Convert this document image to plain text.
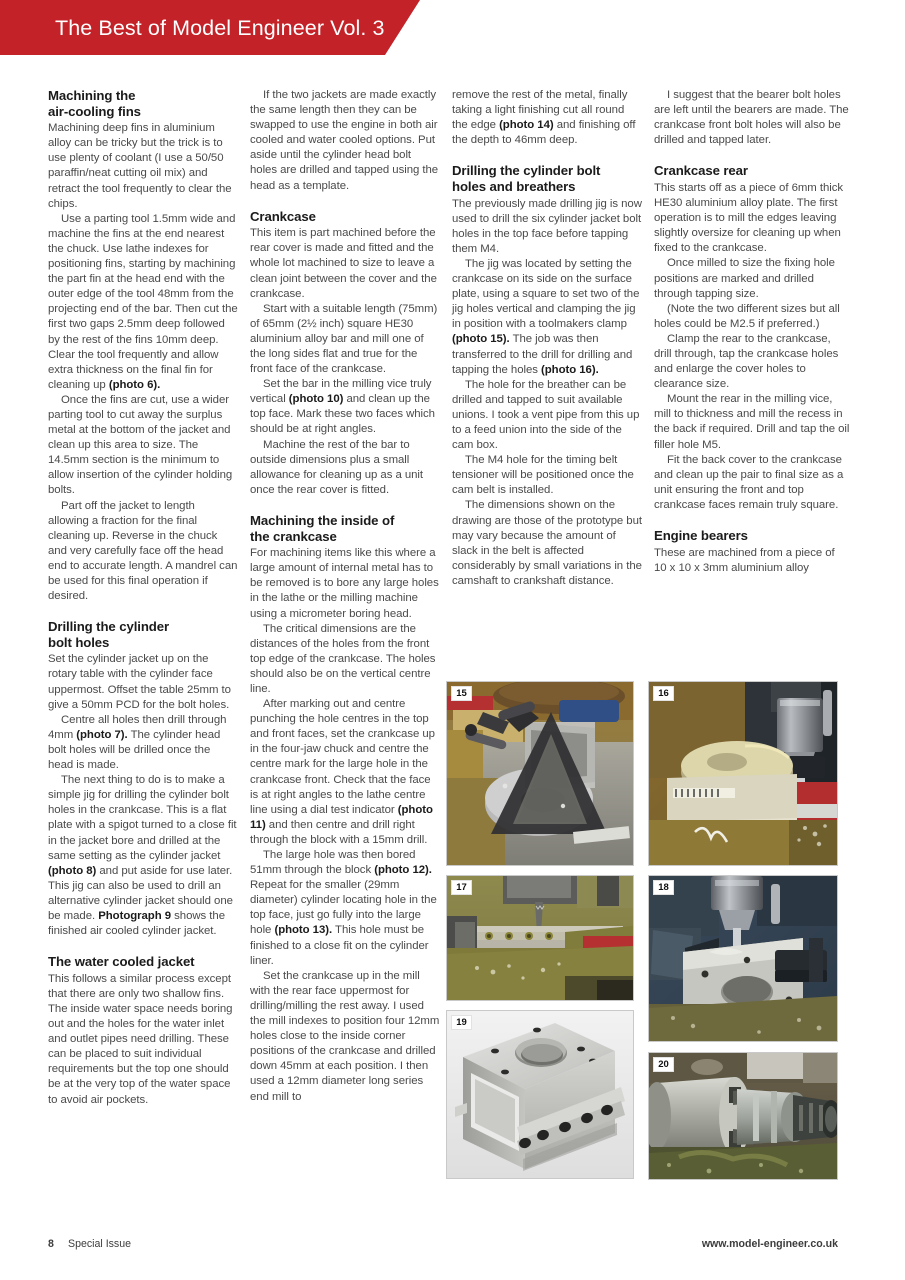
The Best of Model Engineer Vol. 3
Machining the
air-cooling fins

Machining deep fins in aluminium alloy can be tricky but the trick is to use plenty of coolant (I use a 50/50 paraffin/neat cutting oil mix) and retract the tool frequently to clear the chips.

Use a parting tool 1.5mm wide and machine the fins at the end nearest the chuck. Use lathe indexes for positioning fins, starting by machining the part fin at the head end with the outer edge of the tool 48mm from the projecting end of the bar. Then cut the first two gaps 2.5mm deep followed by the rest of the fins 10mm deep. Clear the tool frequently and allow extra thickness on the final fin for cleaning up (photo 6).

Once the fins are cut, use a wider parting tool to cut away the surplus metal at the bottom of the jacket and clean up this area to size. The 14.5mm section is the minimum to allow insertion of the cylinder holding bolts.

Part off the jacket to length allowing a fraction for the final cleaning up. Reverse in the chuck and very carefully face off the head end to accurate length. A mandrel can be used for this final operation if desired.

Drilling the cylinder
bolt holes

Set the cylinder jacket up on the rotary table with the cylinder face uppermost. Offset the table 25mm to give a 50mm PCD for the bolt holes.

Centre all holes then drill through 4mm (photo 7). The cylinder head bolt holes will be drilled once the head is made.

The next thing to do is to make a simple jig for drilling the cylinder bolt holes in the crankcase. This is a flat plate with a spigot turned to a close fit in the jacket bore and drilled at the same setting as the cylinder jacket (photo 8) and put aside for use later. This jig can also be used to drill an alternative cylinder jacket should one be made. Photograph 9 shows the finished air cooled cylinder jacket.

The water cooled jacket

This follows a similar process except that there are only two shallow fins. The inside water space needs boring out and the holes for the water inlet and outlet pipes need drilling. These can be placed to suit individual requirements but the top one should be at the very top of the water space to avoid air pockets.

If the two jackets are made exactly the same length then they can be swapped to use the engine in both air cooled and water cooled options. Put aside until the cylinder head bolt holes are drilled and tapped using the head as a template.

Crankcase

This item is part machined before the rear cover is made and fitted and the whole lot machined to size to leave a clean joint between the cover and the crankcase.

Start with a suitable length (75mm) of 65mm (2½ inch) square HE30 aluminium alloy bar and mill one of the long sides flat and true for the front face of the crankcase.

Set the bar in the milling vice truly vertical (photo 10) and clean up the top face. Mark these two faces which should be at right angles.

Machine the rest of the bar to outside dimensions plus a small allowance for cleaning up as a unit once the rear cover is fitted.

Machining the inside of
the crankcase

For machining items like this where a large amount of internal metal has to be removed is to bore any large holes in the lathe or the milling machine using a micrometer boring head.

The critical dimensions are the distances of the holes from the front top edge of the crankcase. The holes should also be on the vertical centre line.

After marking out and centre punching the hole centres in the top and front faces, set the crankcase up in the four-jaw chuck and centre the centre mark for the large hole in the crankcase front. Check that the face is at right angles to the lathe centre line using a dial test indicator (photo 11) and then centre and drill right through the block with a 15mm drill.

The large hole was then bored 51mm through the block (photo 12). Repeat for the smaller (29mm diameter) cylinder locating hole in the top face, just go fully into the large hole (photo 13). This hole must be finished to a close fit on the cylinder liner.

Set the crankcase up in the mill with the rear face uppermost for drilling/milling the rest away. I used the mill indexes to position four 12mm holes close to the inside corner positions of the crankcase and drilled down 45mm at each position. I then used a 12mm diameter long series end mill to

remove the rest of the metal, finally taking a light finishing cut all round the edge (photo 14) and finishing off the depth to 46mm deep.

Drilling the cylinder bolt
holes and breathers

The previously made drilling jig is now used to drill the six cylinder jacket bolt holes in the top face before tapping them M4.

The jig was located by setting the crankcase on its side on the surface plate, using a square to set two of the jig holes vertical and clamping the jig in position with a toolmakers clamp (photo 15). The job was then transferred to the drill for drilling and tapping the holes (photo 16).

The hole for the breather can be drilled and tapped to suit available unions. I took a vent pipe from this up to a feed union into the side of the cam box.

The M4 hole for the timing belt tensioner will be positioned once the cam belt is installed.

The dimensions shown on the drawing are those of the prototype but may vary because the amount of slack in the belt is affected considerably by small variations in the camshaft to crankshaft distance.

I suggest that the bearer bolt holes are left until the bearers are made. The crankcase front bolt holes will also be drilled and tapped later.

Crankcase rear

This starts off as a piece of 6mm thick HE30 aluminium alloy plate. The first operation is to mill the edges leaving slightly oversize for cleaning up when fixed to the crankcase.

Once milled to size the fixing hole positions are marked and drilled through tapping size.

(Note the two different sizes but all holes could be M2.5 if preferred.)

Clamp the rear to the crankcase, drill through, tap the crankcase holes and enlarge the cover holes to clearance size.

Mount the rear in the milling vice, mill to thickness and mill the recess in the back if required. Drill and tap the oil filler hole M5.

Fit the back cover to the crankcase and clean up the pair to final size as a unit ensuring the front and top crankcase faces remain truly square.

Engine bearers

These are machined from a piece of 10 x 10 x 3mm aluminium alloy

15	16
17	18
19
20
8 Special Issue	www.model-engineer.co.uk
